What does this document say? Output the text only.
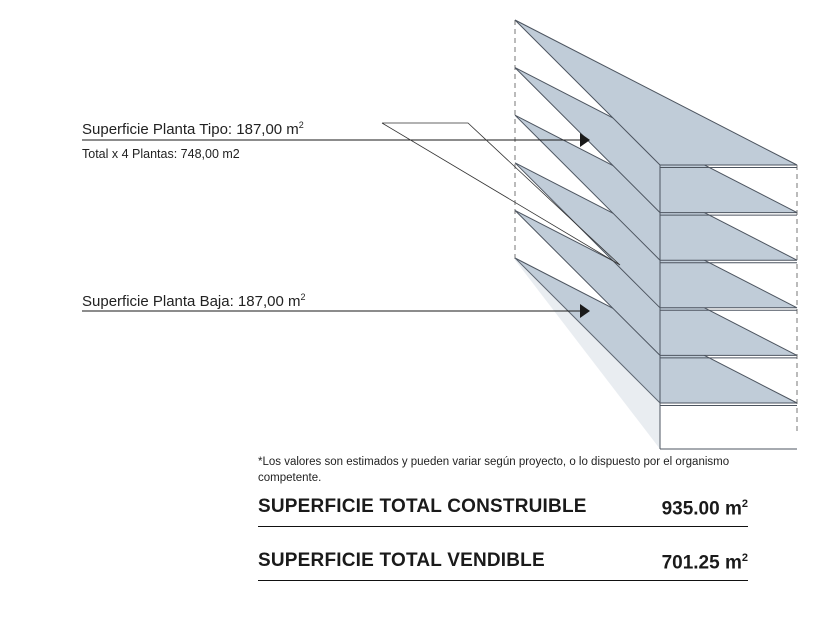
Superficie Planta Tipo: 187,00 $m^2$
Total x 4 Plantas: 748,00 m2
Superficie Planta Baja: 187,00 $m^2$
*Los valores son estimados y pueden variar según proyecto, o lo dispuesto por el organismo competente.
SUPERFICIE TOTAL CONSTRUIBLE	935.00 $m^2$
SUPERFICIE TOTAL VENDIBLE	701.25 $m^2$
